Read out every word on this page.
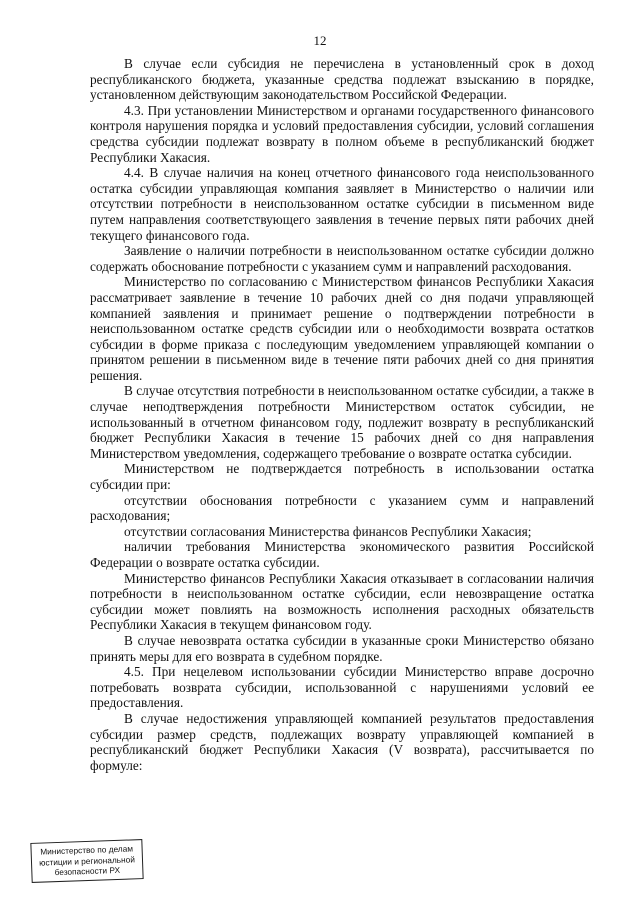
12

В случае если субсидия не перечислена в установленный срок в доход республиканского бюджета, указанные средства подлежат взысканию в порядке, установленном действующим законодательством Российской Федерации.

4.3. При установлении Министерством и органами государственного финансового контроля нарушения порядка и условий предоставления субсидии, условий соглашения средства субсидии подлежат возврату в полном объеме в республиканский бюджет Республики Хакасия.

4.4. В случае наличия на конец отчетного финансового года неиспользованного остатка субсидии управляющая компания заявляет в Министерство о наличии или отсутствии потребности в неиспользованном остатке субсидии в письменном виде путем направления соответствующего заявления в течение первых пяти рабочих дней текущего финансового года.

Заявление о наличии потребности в неиспользованном остатке субсидии должно содержать обоснование потребности с указанием сумм и направлений расходования.

Министерство по согласованию с Министерством финансов Республики Хакасия рассматривает заявление в течение 10 рабочих дней со дня подачи управляющей компанией заявления и принимает решение о подтверждении потребности в неиспользованном остатке средств субсидии или о необходимости возврата остатков субсидии в форме приказа с последующим уведомлением управляющей компании о принятом решении в письменном виде в течение пяти рабочих дней со дня принятия решения.

В случае отсутствия потребности в неиспользованном остатке субсидии, а также в случае неподтверждения потребности Министерством остаток субсидии, не использованный в отчетном финансовом году, подлежит возврату в республиканский бюджет Республики Хакасия в течение 15 рабочих дней со дня направления Министерством уведомления, содержащего требование о возврате остатка субсидии.

Министерством не подтверждается потребность в использовании остатка субсидии при:

отсутствии обоснования потребности с указанием сумм и направлений расходования;

отсутствии согласования Министерства финансов Республики Хакасия;

наличии требования Министерства экономического развития Российской Федерации о возврате остатка субсидии.

Министерство финансов Республики Хакасия отказывает в согласовании наличия потребности в неиспользованном остатке субсидии, если невозвращение остатка субсидии может повлиять на возможность исполнения расходных обязательств Республики Хакасия в текущем финансовом году.

В случае невозврата остатка субсидии в указанные сроки Министерство обязано принять меры для его возврата в судебном порядке.

4.5. При нецелевом использовании субсидии Министерство вправе досрочно потребовать возврата субсидии, использованной с нарушениями условий ее предоставления.

В случае недостижения управляющей компанией результатов предоставления субсидии размер средств, подлежащих возврату управляющей компанией в республиканский бюджет Республики Хакасия (V возврата), рассчитывается по формуле:

Министерство по делам
юстиции и региональной
безопасности РХ
